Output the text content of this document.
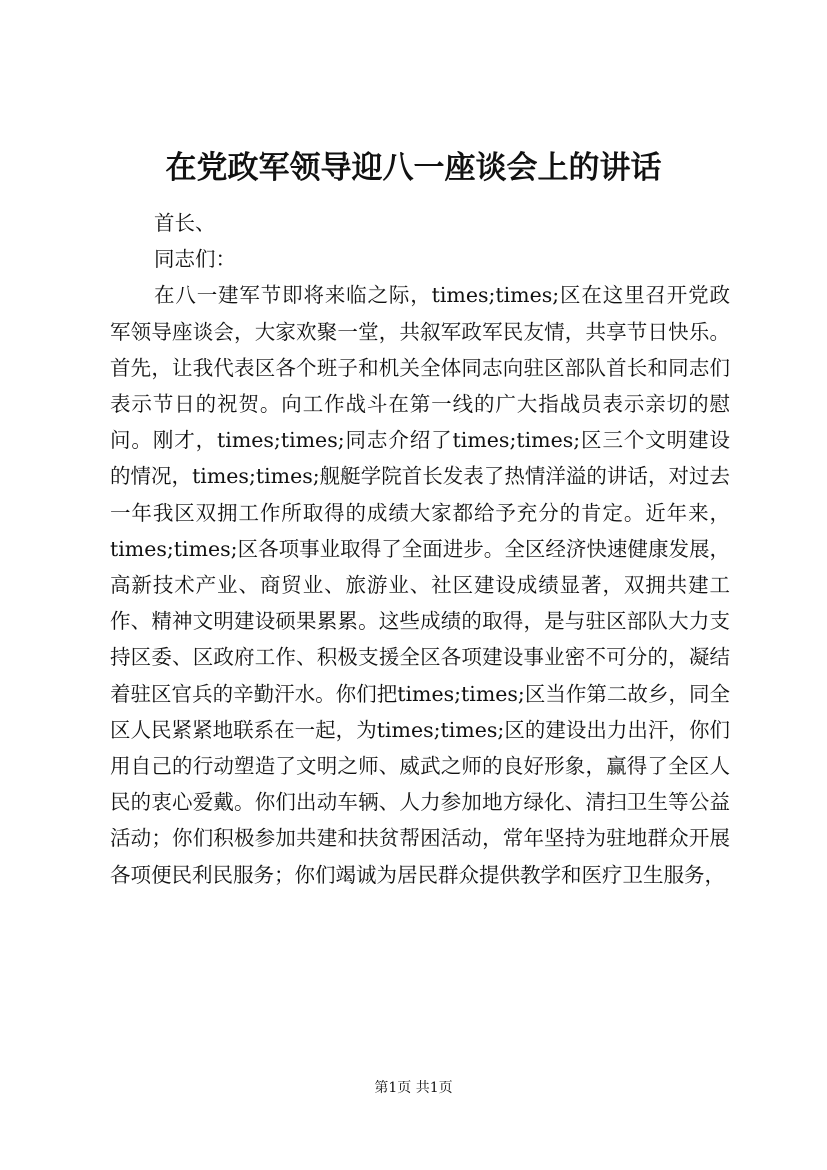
在党政军领导迎八一座谈会上的讲话

首长、

同志们：

在八一建军节即将来临之际，times;times;区在这里召开党政军领导座谈会，大家欢聚一堂，共叙军政军民友情，共享节日快乐。首先，让我代表区各个班子和机关全体同志向驻区部队首长和同志们表示节日的祝贺。向工作战斗在第一线的广大指战员表示亲切的慰问。刚才，times;times;同志介绍了times;times;区三个文明建设的情况，times;times;舰艇学院首长发表了热情洋溢的讲话，对过去一年我区双拥工作所取得的成绩大家都给予充分的肯定。近年来，times;times;区各项事业取得了全面进步。全区经济快速健康发展，高新技术产业、商贸业、旅游业、社区建设成绩显著，双拥共建工作、精神文明建设硕果累累。这些成绩的取得，是与驻区部队大力支持区委、区政府工作、积极支援全区各项建设事业密不可分的，凝结着驻区官兵的辛勤汗水。你们把times;times;区当作第二故乡，同全区人民紧紧地联系在一起，为times;times;区的建设出力出汗，你们用自己的行动塑造了文明之师、威武之师的良好形象，赢得了全区人民的衷心爱戴。你们出动车辆、人力参加地方绿化、清扫卫生等公益活动；你们积极参加共建和扶贫帮困活动，常年坚持为驻地群众开展各项便民利民服务；你们竭诚为居民群众提供教学和医疗卫生服务，

第1页 共1页
